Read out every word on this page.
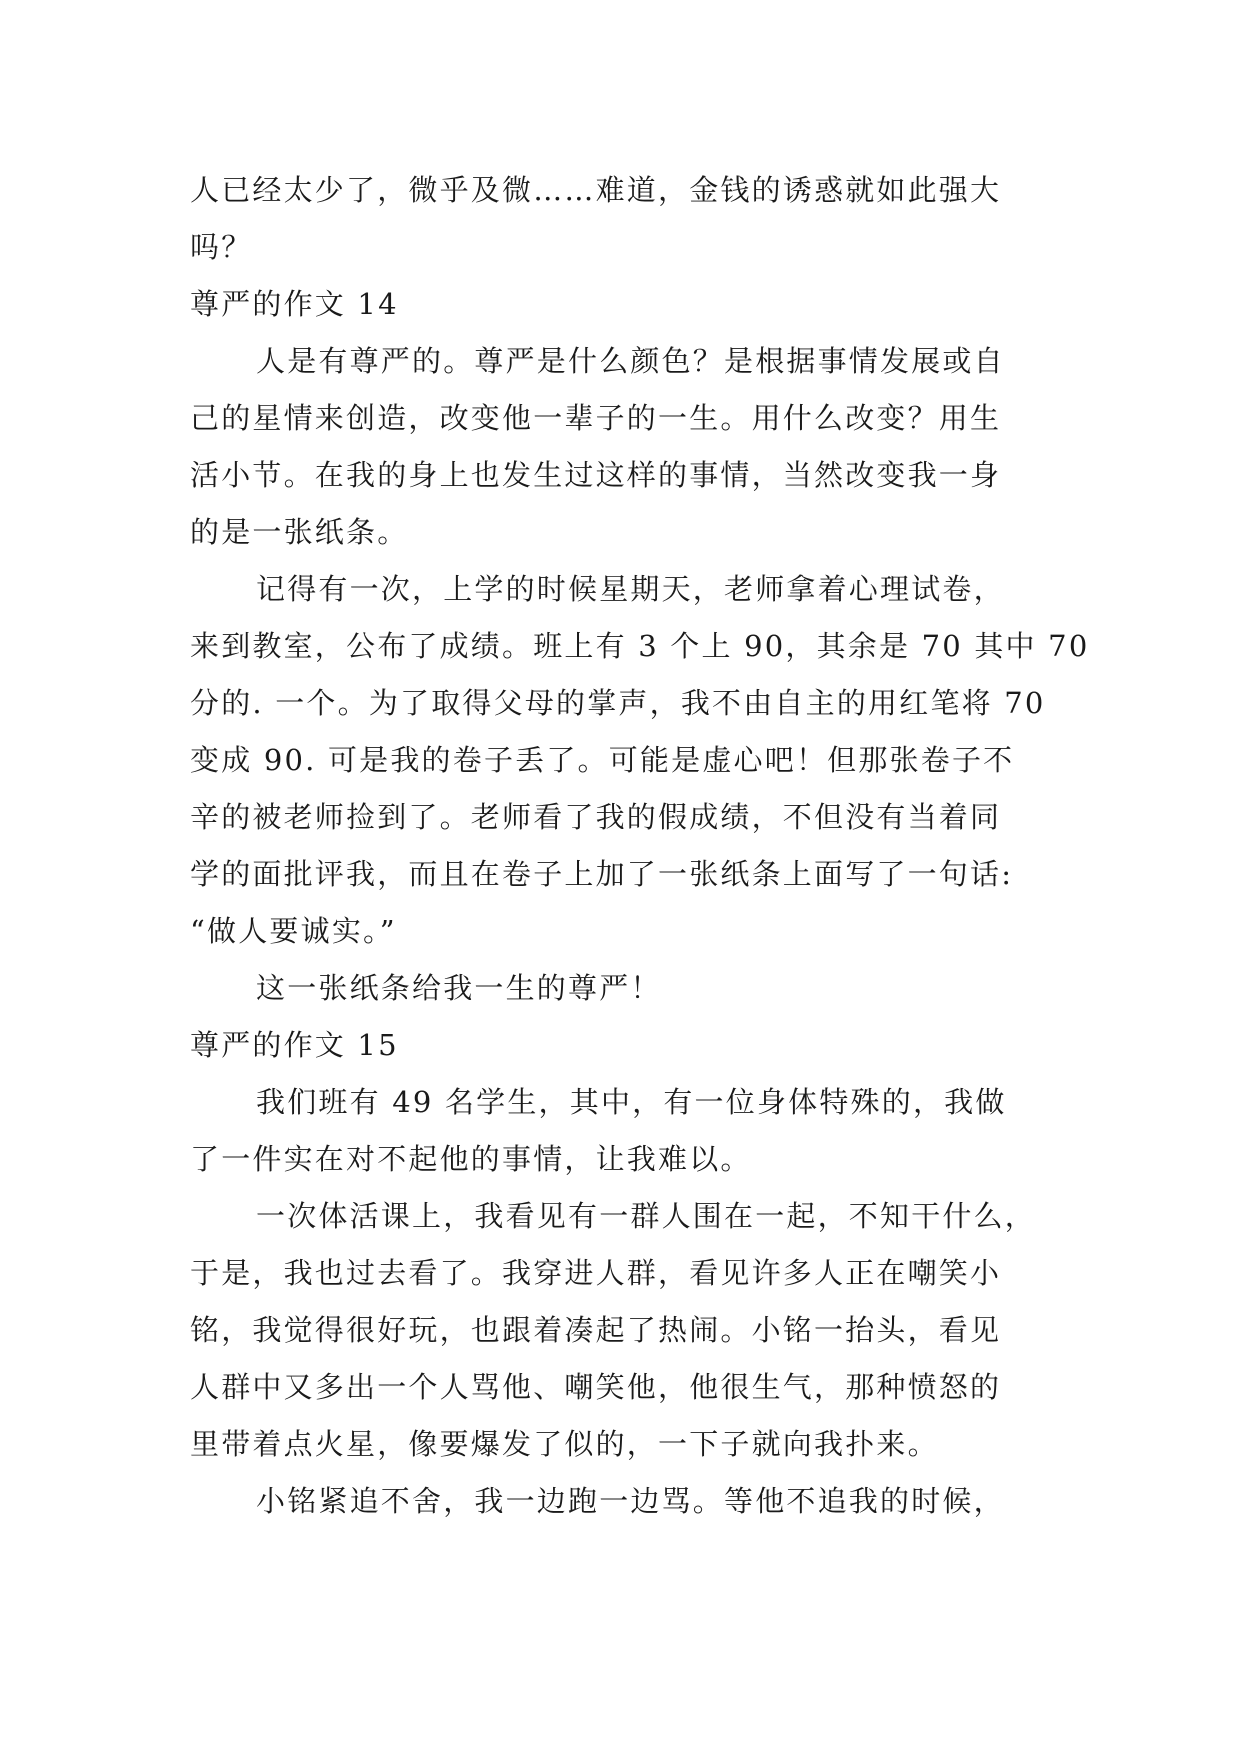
人已经太少了，微乎及微……难道，金钱的诱惑就如此强大
吗？
尊严的作文 14
人是有尊严的。尊严是什么颜色？是根据事情发展或自
己的星情来创造，改变他一辈子的一生。用什么改变？用生
活小节。在我的身上也发生过这样的事情，当然改变我一身
的是一张纸条。
记得有一次，上学的时候星期天，老师拿着心理试卷，
来到教室，公布了成绩。班上有 3 个上 90，其余是 70 其中 70
分的. 一个。为了取得父母的掌声，我不由自主的用红笔将 70
变成 90. 可是我的卷子丢了。可能是虚心吧！但那张卷子不
辛的被老师捡到了。老师看了我的假成绩，不但没有当着同
学的面批评我，而且在卷子上加了一张纸条上面写了一句话:
“做人要诚实。”
这一张纸条给我一生的尊严！
尊严的作文 15
我们班有 49 名学生，其中，有一位身体特殊的，我做
了一件实在对不起他的事情，让我难以。
一次体活课上，我看见有一群人围在一起，不知干什么，
于是，我也过去看了。我穿进人群，看见许多人正在嘲笑小
铭，我觉得很好玩，也跟着凑起了热闹。小铭一抬头，看见
人群中又多出一个人骂他、嘲笑他，他很生气，那种愤怒的
里带着点火星，像要爆发了似的，一下子就向我扑来。
小铭紧追不舍，我一边跑一边骂。等他不追我的时候，
